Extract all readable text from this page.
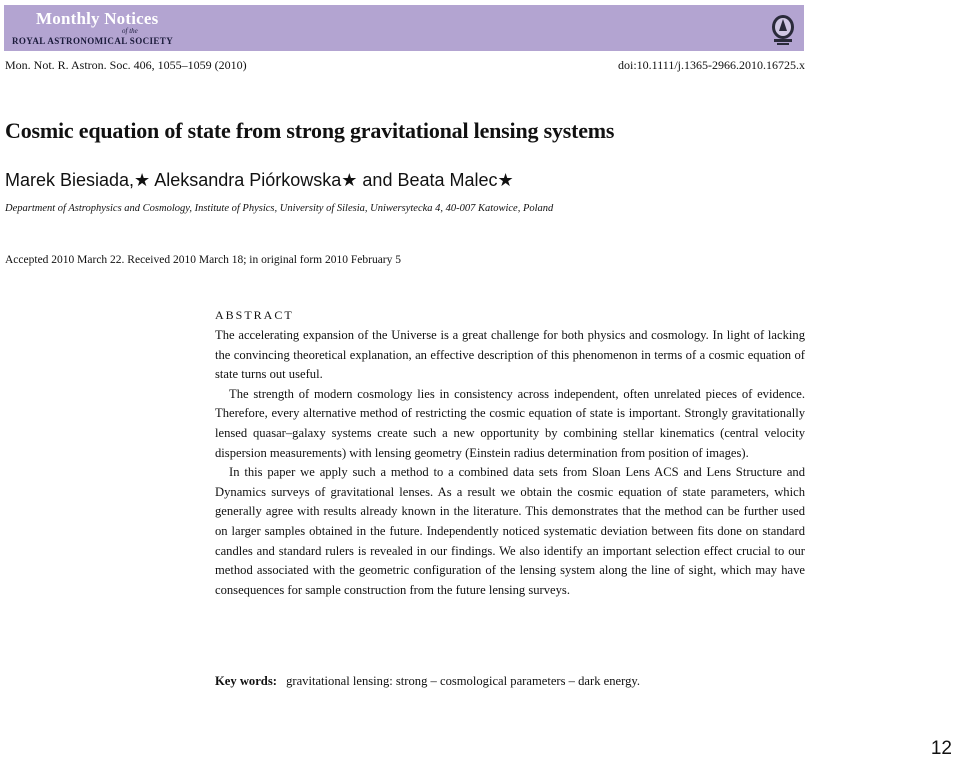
Monthly Notices
of the
ROYAL ASTRONOMICAL SOCIETY
Mon. Not. R. Astron. Soc. 406, 1055–1059 (2010)	doi:10.1111/j.1365-2966.2010.16725.x
Cosmic equation of state from strong gravitational lensing systems
Marek Biesiada,★ Aleksandra Piórkowska★ and Beata Malec★
Department of Astrophysics and Cosmology, Institute of Physics, University of Silesia, Uniwersytecka 4, 40-007 Katowice, Poland
Accepted 2010 March 22. Received 2010 March 18; in original form 2010 February 5
ABSTRACT

The accelerating expansion of the Universe is a great challenge for both physics and cosmology. In light of lacking the convincing theoretical explanation, an effective description of this phenomenon in terms of a cosmic equation of state turns out useful.

The strength of modern cosmology lies in consistency across independent, often unrelated pieces of evidence. Therefore, every alternative method of restricting the cosmic equation of state is important. Strongly gravitationally lensed quasar–galaxy systems create such a new opportunity by combining stellar kinematics (central velocity dispersion measurements) with lensing geometry (Einstein radius determination from position of images).

In this paper we apply such a method to a combined data sets from Sloan Lens ACS and Lens Structure and Dynamics surveys of gravitational lenses. As a result we obtain the cosmic equation of state parameters, which generally agree with results already known in the literature. This demonstrates that the method can be further used on larger samples obtained in the future. Independently noticed systematic deviation between fits done on standard candles and standard rulers is revealed in our findings. We also identify an important selection effect crucial to our method associated with the geometric configuration of the lensing system along the line of sight, which may have consequences for sample construction from the future lensing surveys.

Key words: gravitational lensing: strong – cosmological parameters – dark energy.
12
